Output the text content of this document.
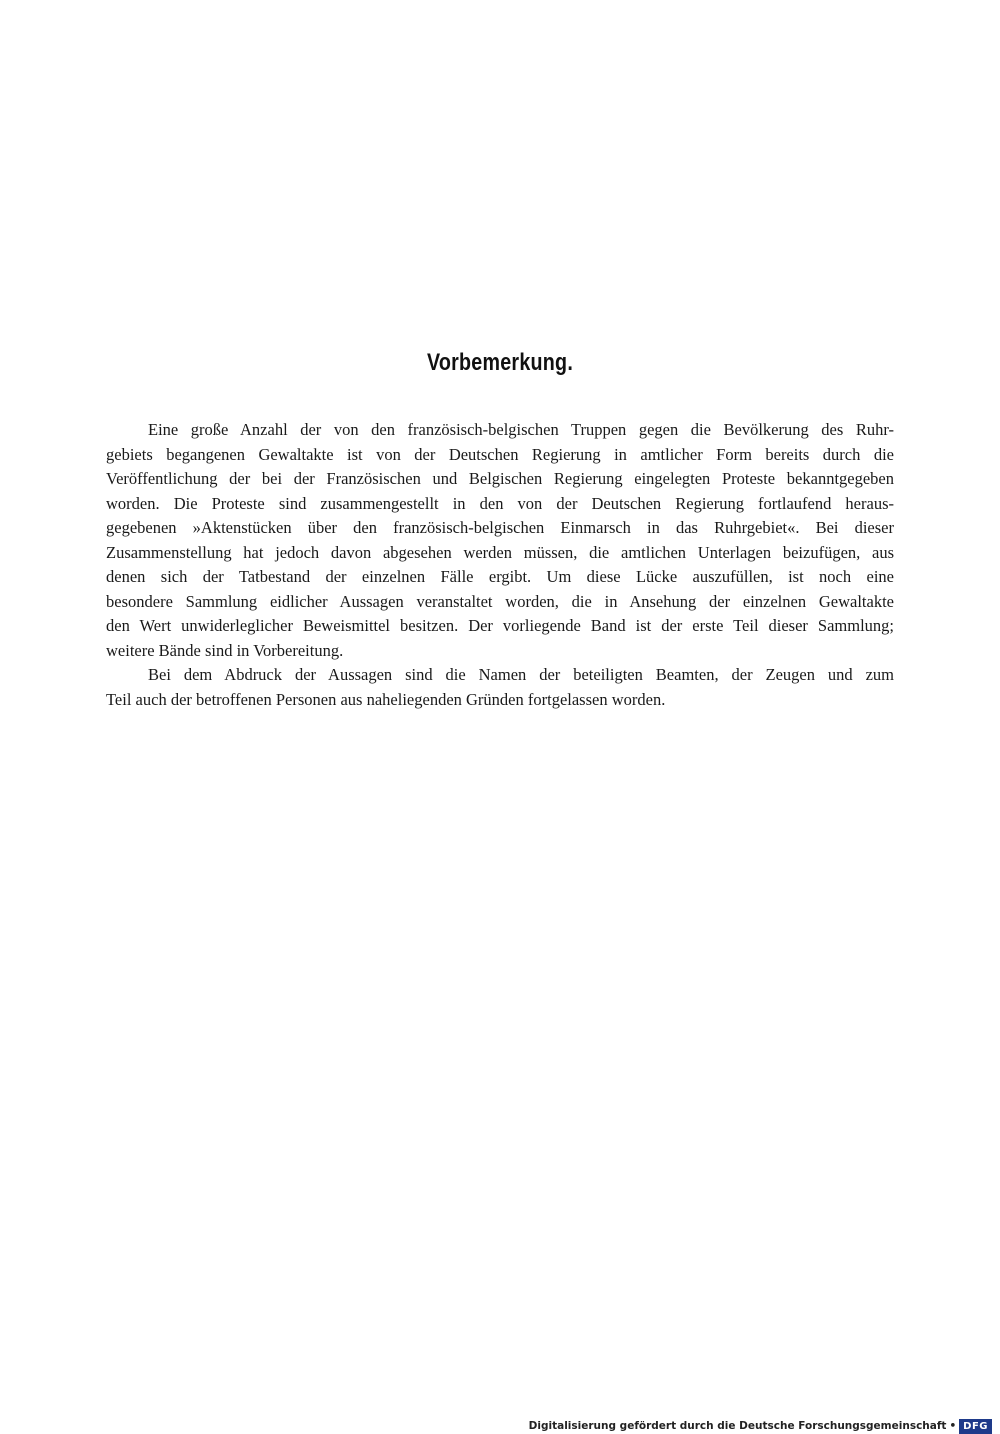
Vorbemerkung.
Eine große Anzahl der von den französisch-belgischen Truppen gegen die Bevölkerung des Ruhr-
gebiets begangenen Gewaltakte ist von der Deutschen Regierung in amtlicher Form bereits durch die
Veröffentlichung der bei der Französischen und Belgischen Regierung eingelegten Proteste bekanntgegeben
worden. Die Proteste sind zusammengestellt in den von der Deutschen Regierung fortlaufend heraus-
gegebenen »Aktenstücken über den französisch-belgischen Einmarsch in das Ruhrgebiet«. Bei dieser
Zusammenstellung hat jedoch davon abgesehen werden müssen, die amtlichen Unterlagen beizufügen, aus
denen sich der Tatbestand der einzelnen Fälle ergibt. Um diese Lücke auszufüllen, ist noch eine
besondere Sammlung eidlicher Aussagen veranstaltet worden, die in Ansehung der einzelnen Gewaltakte
den Wert unwiderleglicher Beweismittel besitzen. Der vorliegende Band ist der erste Teil dieser Sammlung;
weitere Bände sind in Vorbereitung.
Bei dem Abdruck der Aussagen sind die Namen der beteiligten Beamten, der Zeugen und zum
Teil auch der betroffenen Personen aus naheliegenden Gründen fortgelassen worden.
Digitalisierung gefördert durch die Deutsche Forschungsgemeinschaft • DFG
